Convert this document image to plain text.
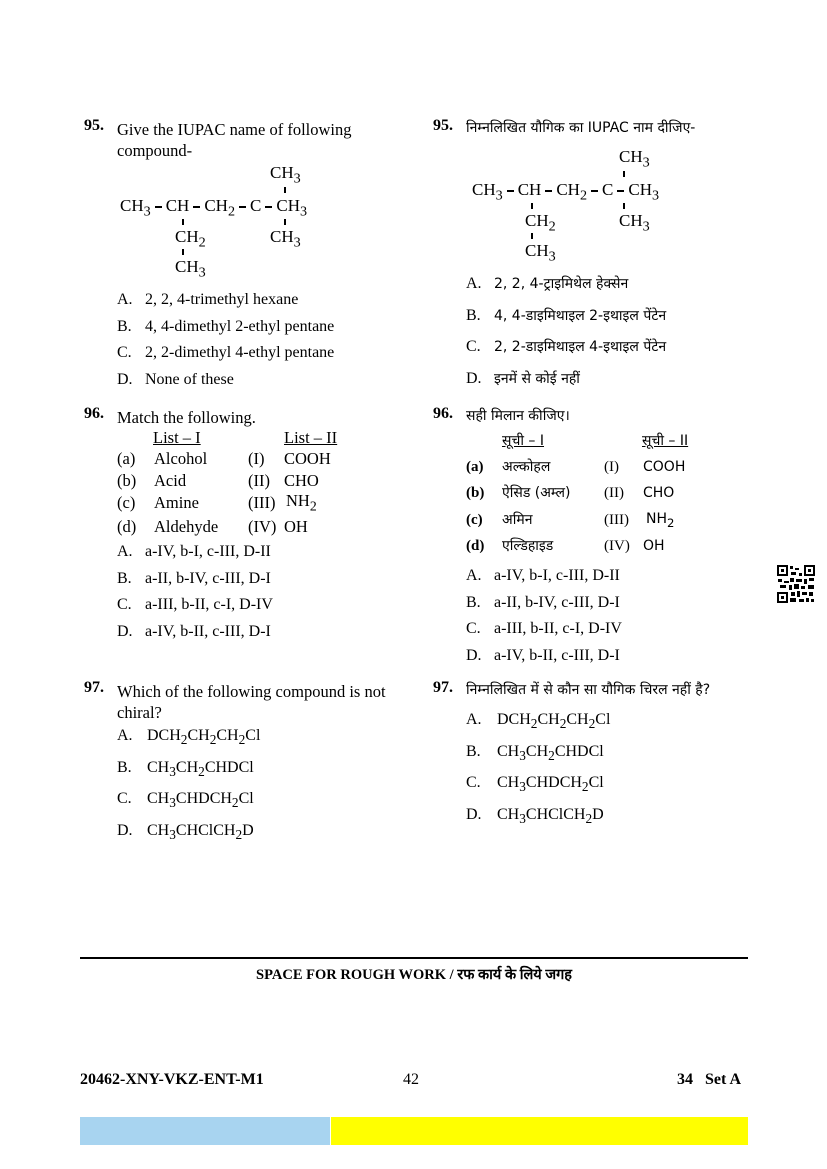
95. Give the IUPAC name of following compound-
$CH_3$
$CH_3$ CH $CH_2$ C $CH_3$
$CH_2$	$CH_3$
$CH_3$
A. 2, 2, 4-trimethyl hexane
B. 4, 4-dimethyl 2-ethyl pentane
C. 2, 2-dimethyl 4-ethyl pentane
D. None of these
96. Match the following.
List – I	List – II
(a) Alcohol (I) COOH
(b) Acid	(II) CHO
(c) Amine	(III) $NH_2$
(d) Aldehyde (IV) OH
A. a-IV, b-I, c-III, D-II
B. a-II, b-IV, c-III, D-I
C. a-III, b-II, c-I, D-IV
D. a-IV, b-II, c-III, D-I
97. Which of the following compound is not chiral?
A. $DCH_2CH_2CH_2Cl$
B. $CH_3CH_2CHDCl$
C. $CH_3CHDCH_2Cl$
D. $CH_3CHClCH_2D$
95. निम्नलिखित यौगिक का IUPAC नाम दीजिए-
$CH_3$
$CH_3$ CH $CH_2$ C $CH_3$
$CH_2$	$CH_3$
$CH_3$
A. 2, 2, 4-ट्राइमिथेल हेक्सेन
B. 4, 4-डाइमिथाइल 2-इथाइल पेंटेन
C. 2, 2-डाइमिथाइल 4-इथाइल पेंटेन
D. इनमें से कोई नहीं
96. सही मिलान कीजिए।
सूची – I	सूची – II
(a) अल्कोहल	(I) COOH
(b) ऐसिड (अम्ल) (II) CHO
(c) अमिन	(III) $NH_2$
(d) एल्डिहाइड	(IV) OH
A. a-IV, b-I, c-III, D-II
B. a-II, b-IV, c-III, D-I
C. a-III, b-II, c-I, D-IV
D. a-IV, b-II, c-III, D-I
97. निम्नलिखित में से कौन सा यौगिक चिरल नहीं है?
A. $DCH_2CH_2CH_2Cl$
B. $CH_3CH_2CHDCl$
C. $CH_3CHDCH_2Cl$
D. $CH_3CHClCH_2D$
SPACE FOR ROUGH WORK / रफ कार्य के लिये जगह
20462-XNY-VKZ-ENT-M1	42	34 Set A
